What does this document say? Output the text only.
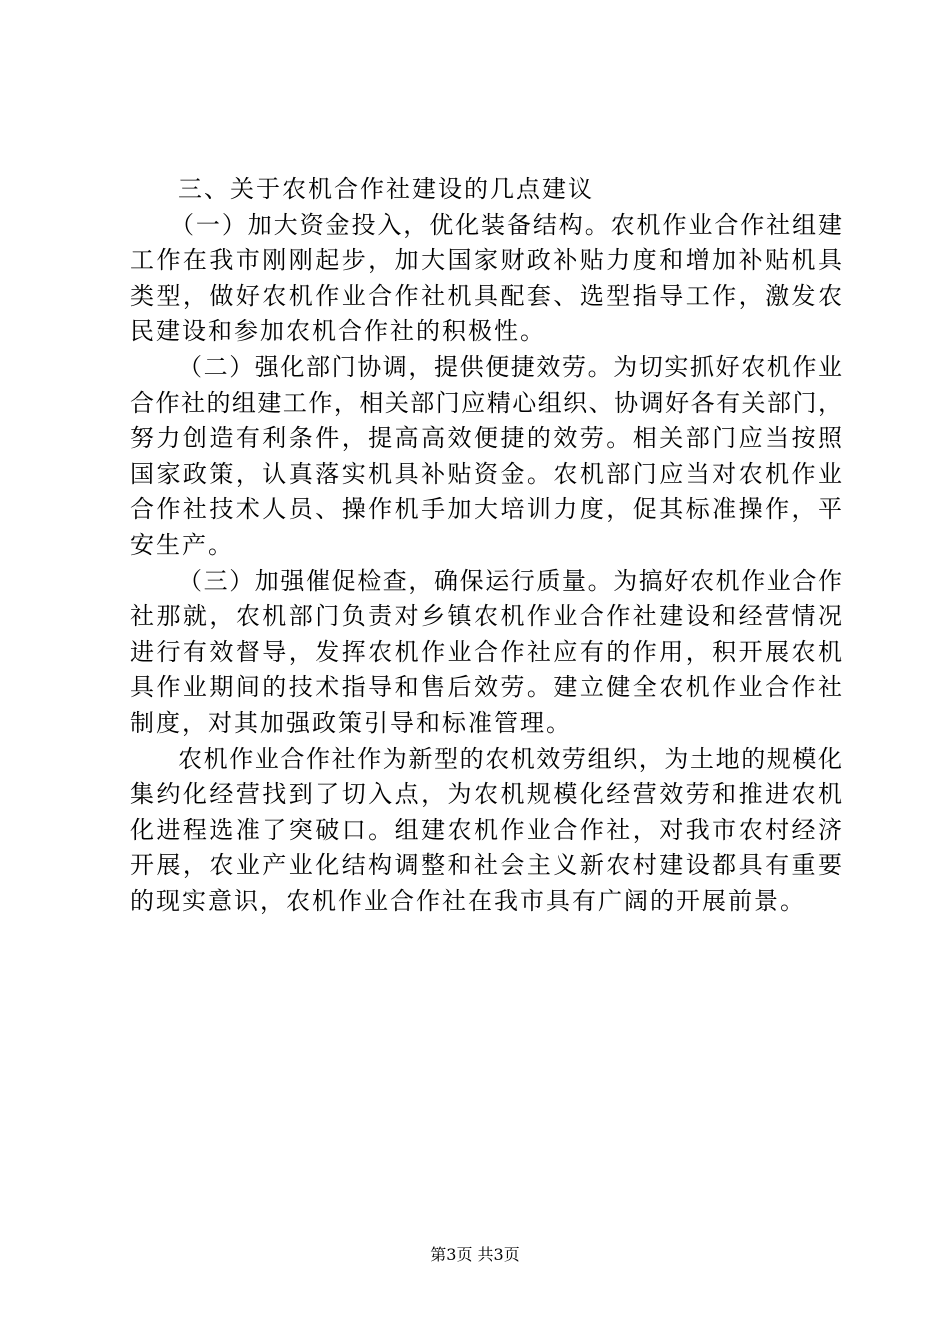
三、关于农机合作社建设的几点建议
（一）加大资金投入，优化装备结构。农机作业合作社组建
工作在我市刚刚起步，加大国家财政补贴力度和增加补贴机具
类型，做好农机作业合作社机具配套、选型指导工作，激发农
民建设和参加农机合作社的积极性。
（二）强化部门协调，提供便捷效劳。为切实抓好农机作业
合作社的组建工作，相关部门应精心组织、协调好各有关部门，
努力创造有利条件，提高高效便捷的效劳。相关部门应当按照
国家政策，认真落实机具补贴资金。农机部门应当对农机作业
合作社技术人员、操作机手加大培训力度，促其标准操作，平
安生产。
（三）加强催促检查，确保运行质量。为搞好农机作业合作
社那就，农机部门负责对乡镇农机作业合作社建设和经营情况
进行有效督导，发挥农机作业合作社应有的作用，积开展农机
具作业期间的技术指导和售后效劳。建立健全农机作业合作社
制度，对其加强政策引导和标准管理。
农机作业合作社作为新型的农机效劳组织，为土地的规模化
集约化经营找到了切入点，为农机规模化经营效劳和推进农机
化进程选准了突破口。组建农机作业合作社，对我市农村经济
开展，农业产业化结构调整和社会主义新农村建设都具有重要
的现实意识，农机作业合作社在我市具有广阔的开展前景。
第3页 共3页
